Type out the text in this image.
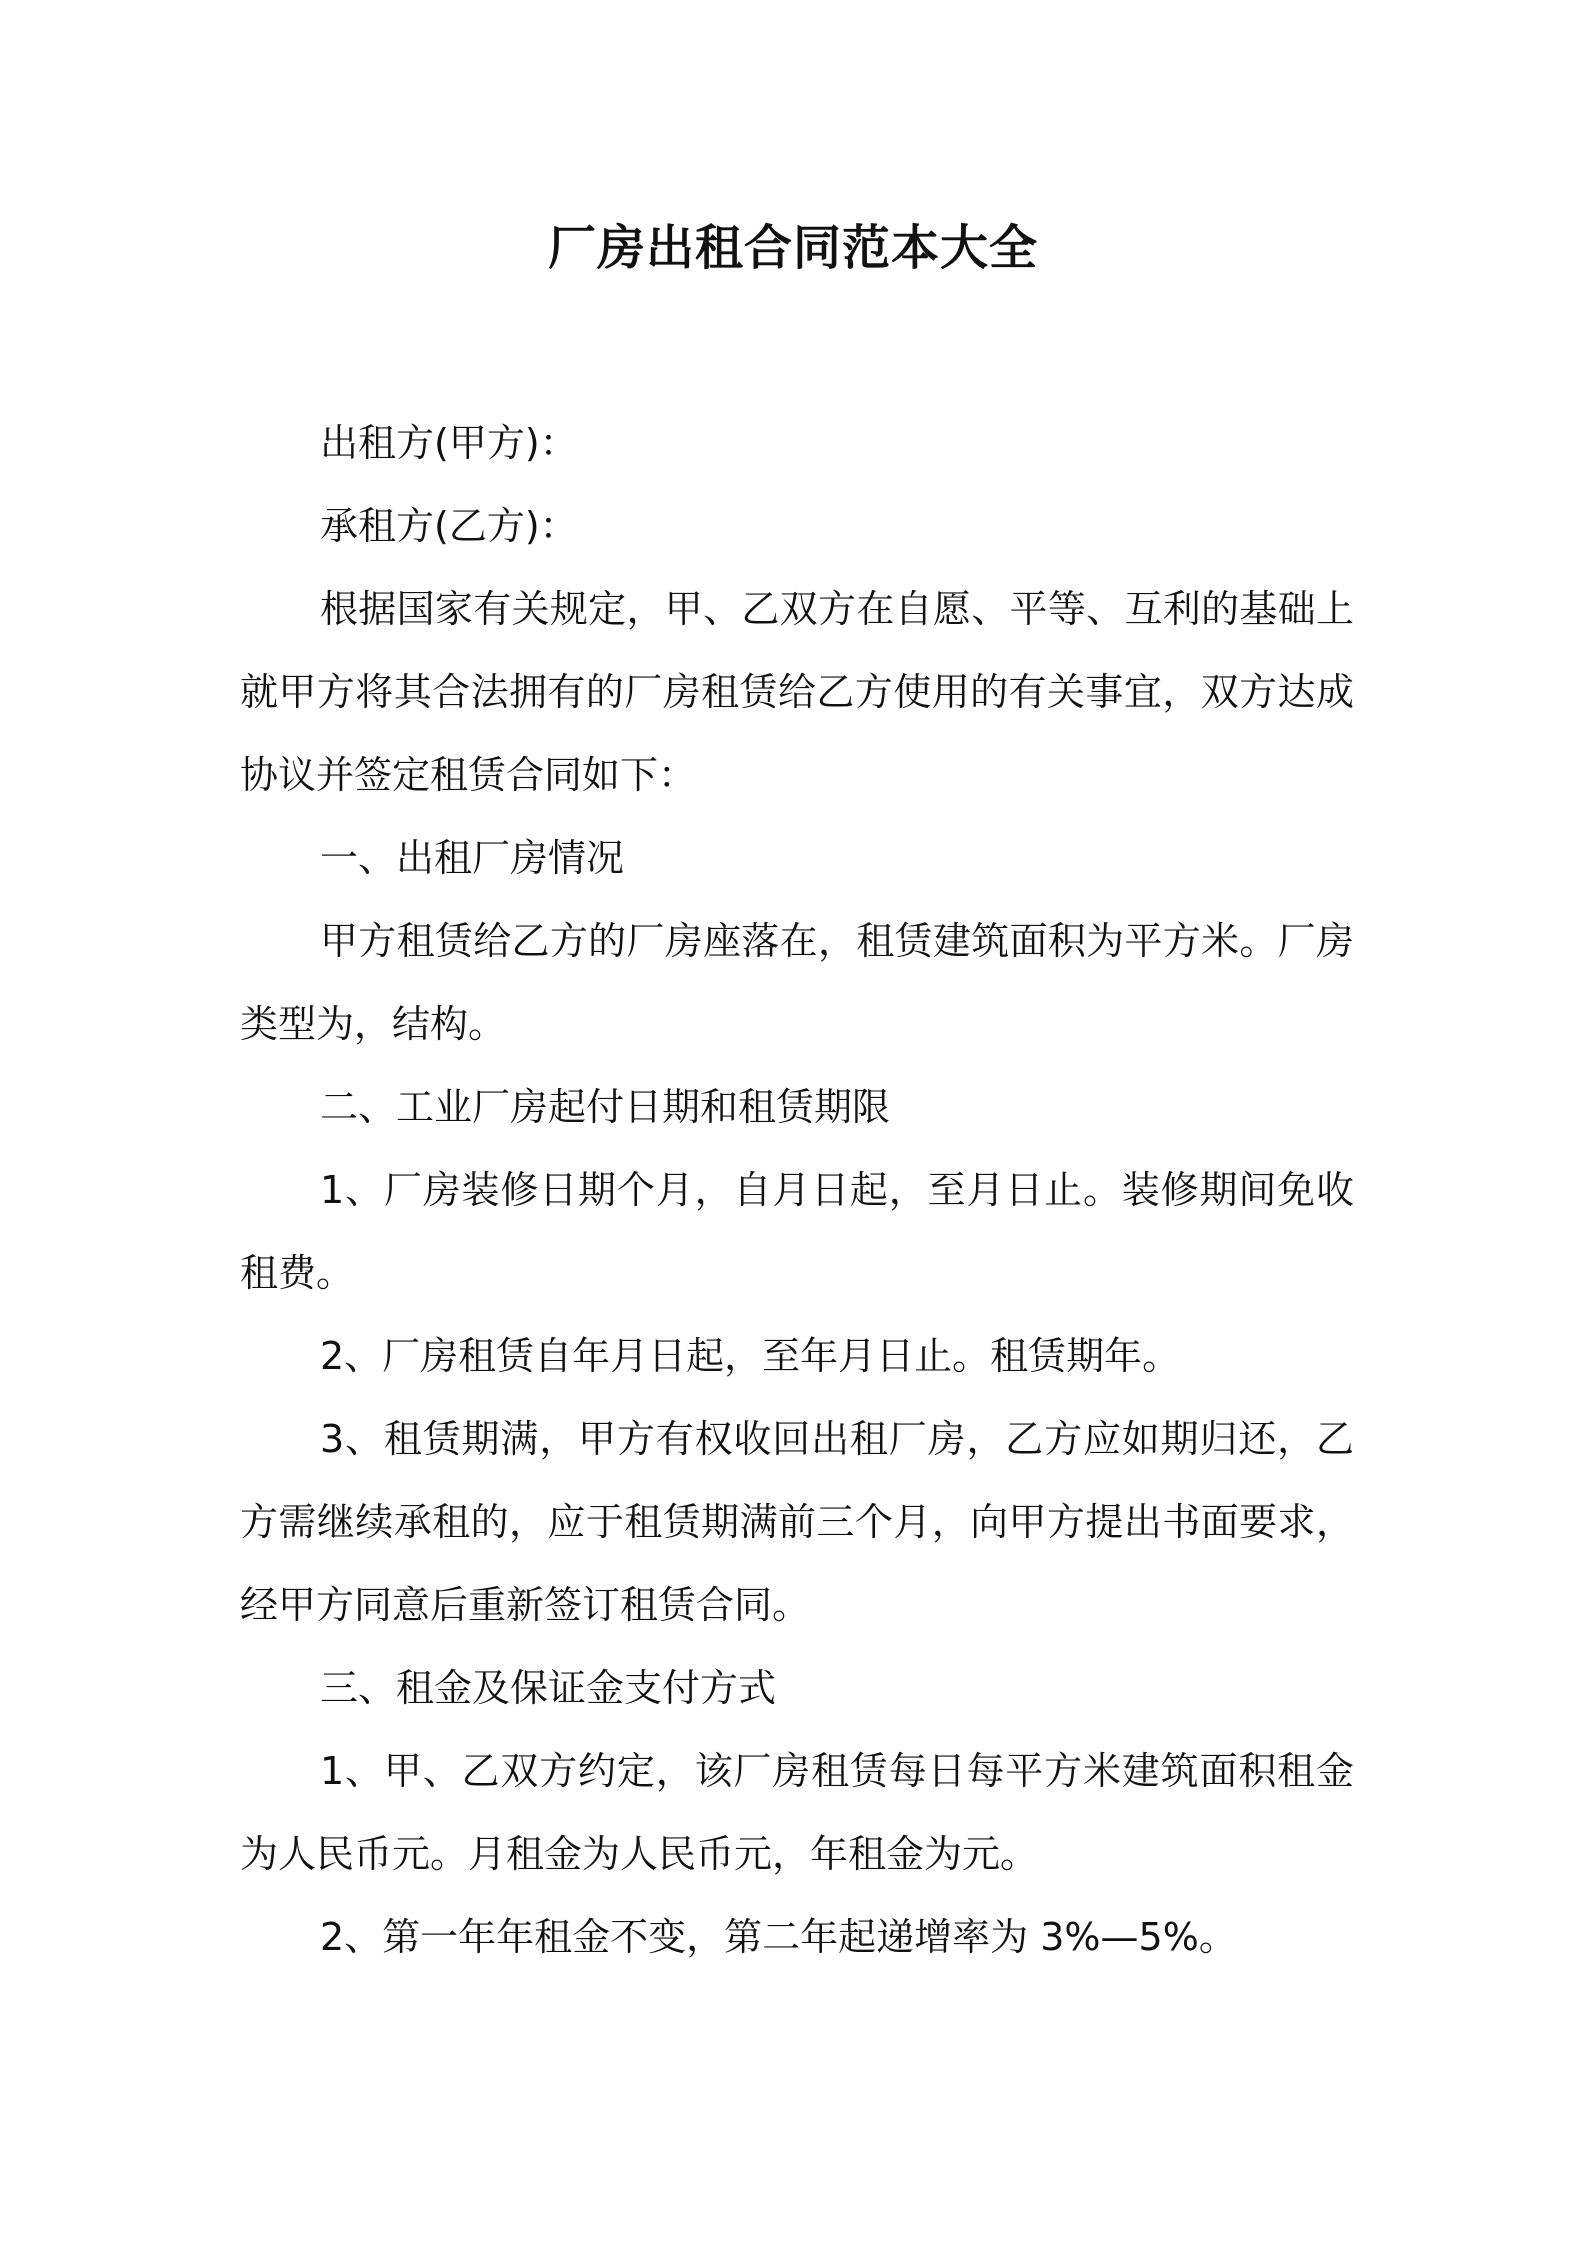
厂房出租合同范本大全

出租方(甲方)：

承租方(乙方)：

根据国家有关规定，甲、乙双方在自愿、平等、互利的基础上就甲方将其合法拥有的厂房租赁给乙方使用的有关事宜，双方达成协议并签定租赁合同如下：

一、出租厂房情况

甲方租赁给乙方的厂房座落在，租赁建筑面积为平方米。厂房类型为，结构。

二、工业厂房起付日期和租赁期限

1、厂房装修日期个月，自月日起，至月日止。装修期间免收租费。

2、厂房租赁自年月日起，至年月日止。租赁期年。

3、租赁期满，甲方有权收回出租厂房，乙方应如期归还，乙方需继续承租的，应于租赁期满前三个月，向甲方提出书面要求，经甲方同意后重新签订租赁合同。

三、租金及保证金支付方式

1、甲、乙双方约定，该厂房租赁每日每平方米建筑面积租金为人民币元。月租金为人民币元，年租金为元。

2、第一年年租金不变，第二年起递增率为 3%—5%。
